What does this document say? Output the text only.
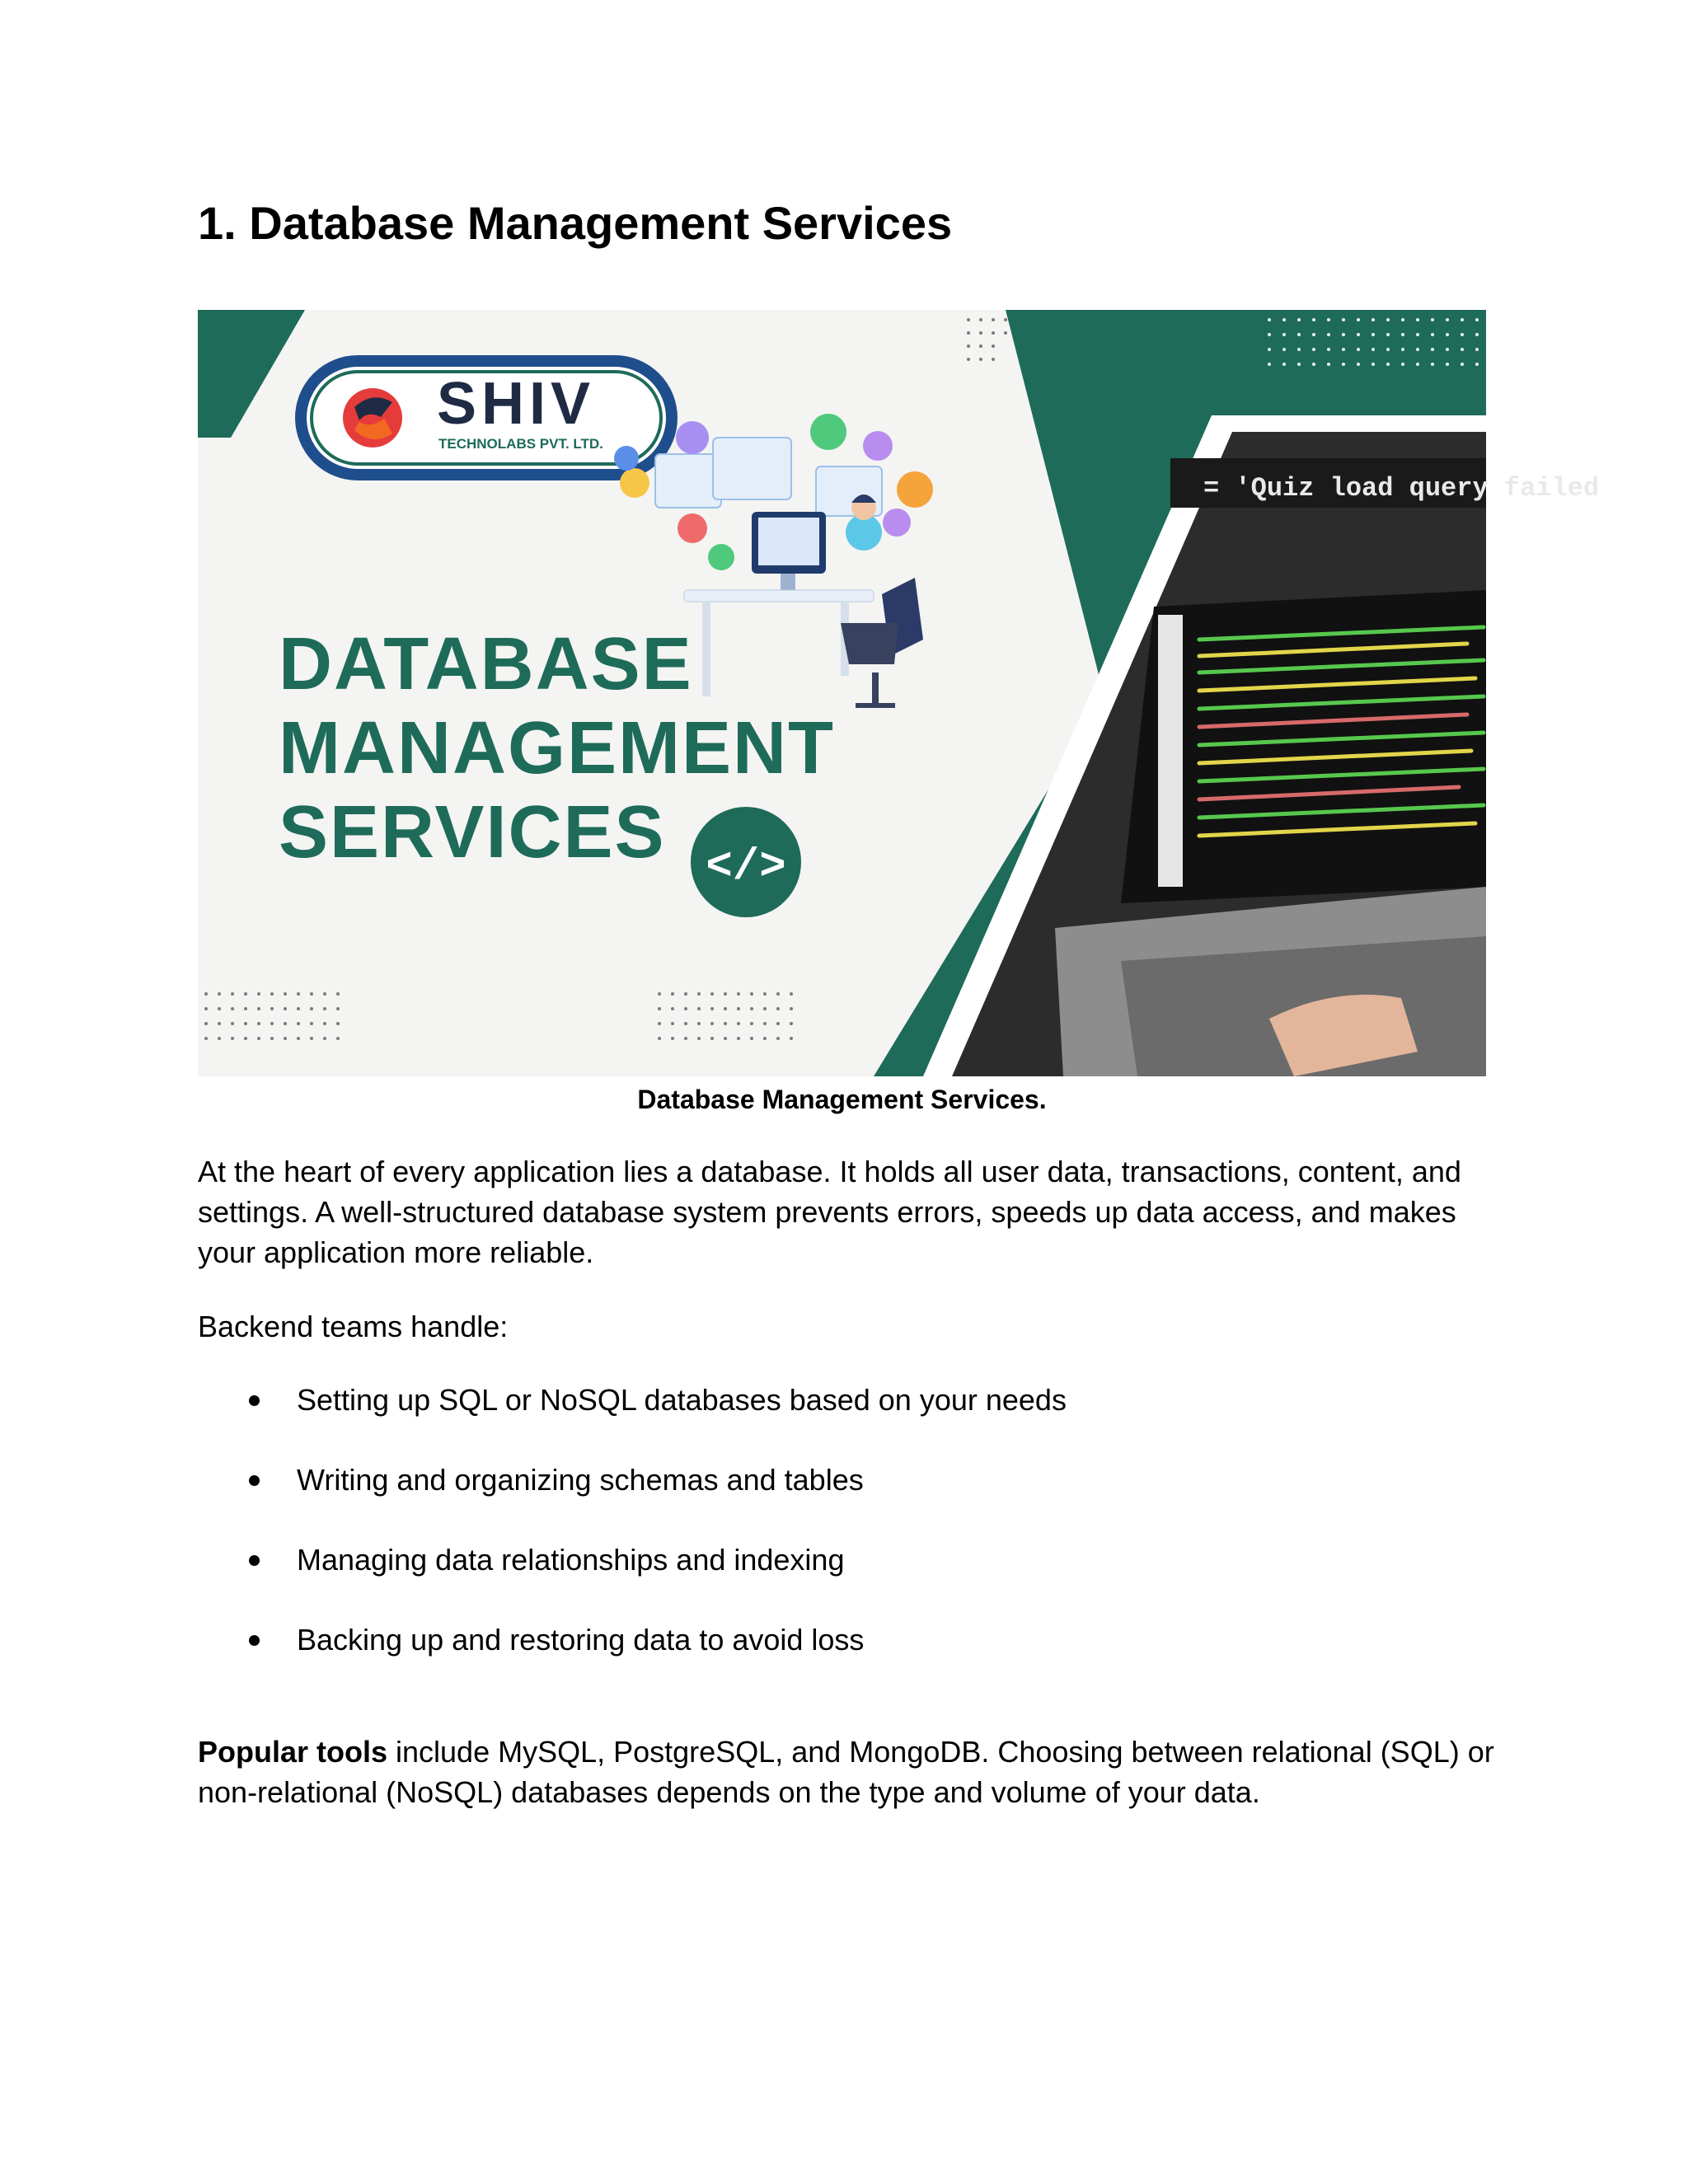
1. Database Management Services
SHIV
TECHNOLABS PVT. LTD.
DATABASE
MANAGEMENT
SERVICES </>
= 'Quiz load query failed
Database Management Services.

At the heart of every application lies a database. It holds all user data, transactions, content, and settings. A well-structured database system prevents errors, speeds up data access, and makes your application more reliable.

Backend teams handle:

Setting up SQL or NoSQL databases based on your needs
Writing and organizing schemas and tables
Managing data relationships and indexing
Backing up and restoring data to avoid loss

Popular tools include MySQL, PostgreSQL, and MongoDB. Choosing between relational (SQL) or non-relational (NoSQL) databases depends on the type and volume of your data.
